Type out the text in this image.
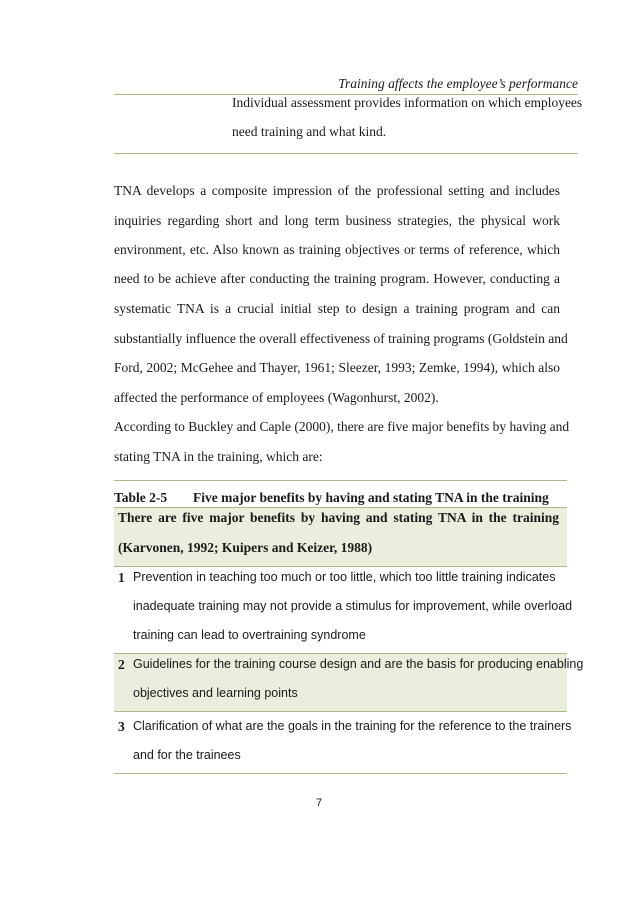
Training affects the employee’s performance
Individual assessment provides information on which employees
need training and what kind.
TNA develops a composite impression of the professional setting and includes
inquiries regarding short and long term business strategies, the physical work
environment, etc. Also known as training objectives or terms of reference, which
need to be achieve after conducting the training program. However, conducting a
systematic TNA is a crucial initial step to design a training program and can
substantially influence the overall effectiveness of training programs (Goldstein and
Ford, 2002; McGehee and Thayer, 1961; Sleezer, 1993; Zemke, 1994), which also
affected the performance of employees (Wagonhurst, 2002).
According to Buckley and Caple (2000), there are five major benefits by having and
stating TNA in the training, which are:
Table 2-5 Five major benefits by having and stating TNA in the training
There are five major benefits by having and stating TNA in the training
(Karvonen, 1992; Kuipers and Keizer, 1988)
1 Prevention in teaching too much or too little, which too little training indicates
inadequate training may not provide a stimulus for improvement, while overload
training can lead to overtraining syndrome
2 Guidelines for the training course design and are the basis for producing enabling
objectives and learning points
3 Clarification of what are the goals in the training for the reference to the trainers
and for the trainees
7
